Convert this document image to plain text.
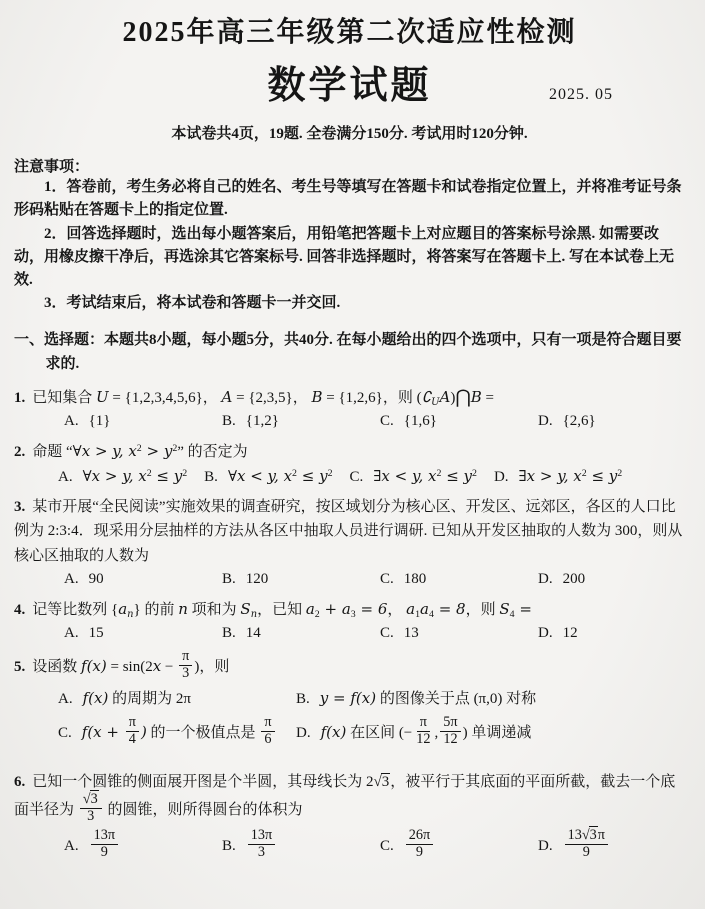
2025年高三年级第二次适应性检测
数学试题	2025. 05
本试卷共4页，19题. 全卷满分150分. 考试用时120分钟.
注意事项：

1．答卷前，考生务必将自己的姓名、考生号等填写在答题卡和试卷指定位置上，并将准考证号条形码粘贴在答题卡上的指定位置.

2．回答选择题时，选出每小题答案后，用铅笔把答题卡上对应题目的答案标号涂黑. 如需要改动，用橡皮擦干净后，再选涂其它答案标号. 回答非选择题时，将答案写在答题卡上. 写在本试卷上无效.

3．考试结束后，将本试卷和答题卡一并交回.

一、选择题：本题共8小题，每小题5分，共40分. 在每小题给出的四个选项中，只有一项是符合题目要求的.
1. 已知集合 U = {1,2,3,4,5,6}， A = {2,3,5}， B = {1,2,6}，则 $(∁_UA)⋂B$ =
A. {1}	B. {1,2}	C. {1,6}	D. {2,6}
2. 命题 “∀x > y, $x^2 > y^2$” 的否定为
A. ∀x > y, $x^2 \le y^2$ B. ∀x < y, $x^2 \le y^2$ C. ∃x < y, $x^2 \le y^2$ D. ∃x > y, $x^2 \le y^2$
3. 某市开展“全民阅读”实施效果的调查研究，按区域划分为核心区、开发区、远郊区，各区的人口比例为 2:3:4．现采用分层抽样的方法从各区中抽取人员进行调研. 已知从开发区抽取的人数为 300，则从核心区抽取的人数为
A. 90	B. 120	C. 180	D. 200
4. 记等比数列 $\{a_n\}$ 的前 n 项和为 $S_n$，已知 $a_2 + a_3 = 6$， $a_1a_4 = 8$，则 $S_4$ =
A. 15	B. 14	C. 13	D. 12
5. 设函数 $f(x) = \sin(2x - \frac{\pi}{3}$ )，则
A. f(x) 的周期为 2π	B. y = f(x) 的图像关于点 (π,0) 对称
C. $f(x + \frac{\pi}{4}$ ) 的一个极值点是 $\frac{\pi}{6} D$. f(x) 在区间 (− $\frac{\pi}{12}$ , $\frac{5\pi}{12}$ ) 单调递减
6. 已知一个圆锥的侧面展开图是个半圆，其母线长为 2√3，被平行于其底面的平面所截，截去一个底面半径为 $\frac{√3}{3}$ 的圆锥，则所得圆台的体积为
A. $\frac{13\pi}{9}$	B. $\frac{13\pi}{3}$	C. $\frac{26\pi}{9}$	D. $\frac{13√3\pi}{9}$
